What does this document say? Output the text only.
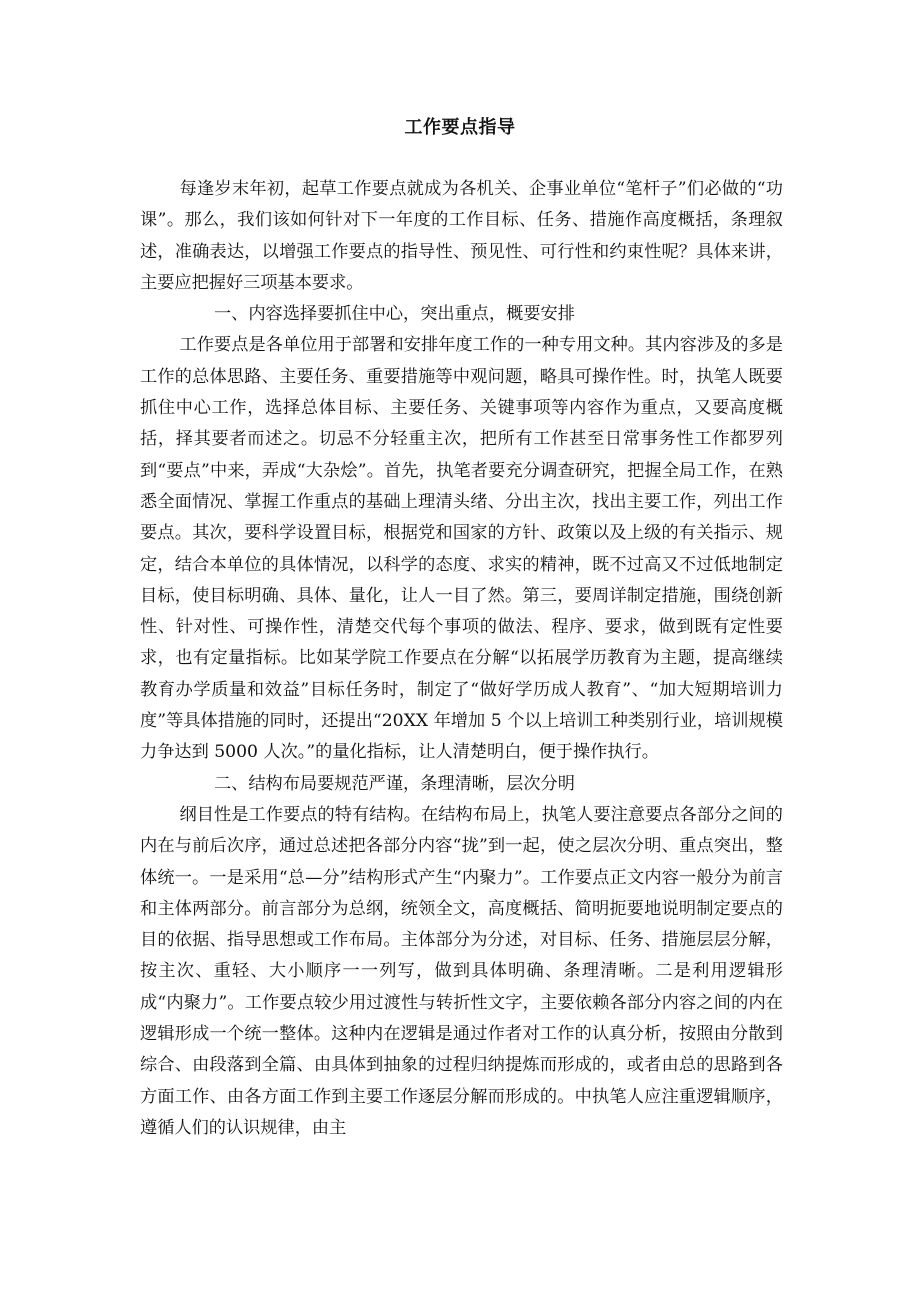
工作要点指导

每逢岁末年初，起草工作要点就成为各机关、企事业单位“笔杆子”们必做的“功课”。那么，我们该如何针对下一年度的工作目标、任务、措施作高度概括，条理叙述，准确表达，以增强工作要点的指导性、预见性、可行性和约束性呢？具体来讲，主要应把握好三项基本要求。

一、内容选择要抓住中心，突出重点，概要安排

工作要点是各单位用于部署和安排年度工作的一种专用文种。其内容涉及的多是工作的总体思路、主要任务、重要措施等中观问题，略具可操作性。时，执笔人既要抓住中心工作，选择总体目标、主要任务、关键事项等内容作为重点，又要高度概括，择其要者而述之。切忌不分轻重主次，把所有工作甚至日常事务性工作都罗列到“要点”中来，弄成“大杂烩”。首先，执笔者要充分调查研究，把握全局工作，在熟悉全面情况、掌握工作重点的基础上理清头绪、分出主次，找出主要工作，列出工作要点。其次，要科学设置目标，根据党和国家的方针、政策以及上级的有关指示、规定，结合本单位的具体情况，以科学的态度、求实的精神，既不过高又不过低地制定目标，使目标明确、具体、量化，让人一目了然。第三，要周详制定措施，围绕创新性、针对性、可操作性，清楚交代每个事项的做法、程序、要求，做到既有定性要求，也有定量指标。比如某学院工作要点在分解“以拓展学历教育为主题，提高继续教育办学质量和效益”目标任务时，制定了“做好学历成人教育”、“加大短期培训力度”等具体措施的同时，还提出“20XX 年增加 5 个以上培训工种类别行业，培训规模力争达到 5000 人次。”的量化指标，让人清楚明白，便于操作执行。

二、结构布局要规范严谨，条理清晰，层次分明

纲目性是工作要点的特有结构。在结构布局上，执笔人要注意要点各部分之间的内在与前后次序，通过总述把各部分内容“拢”到一起，使之层次分明、重点突出，整体统一。一是采用“总—分”结构形式产生“内聚力”。工作要点正文内容一般分为前言和主体两部分。前言部分为总纲，统领全文，高度概括、简明扼要地说明制定要点的目的依据、指导思想或工作布局。主体部分为分述，对目标、任务、措施层层分解，按主次、重轻、大小顺序一一列写，做到具体明确、条理清晰。二是利用逻辑形成“内聚力”。工作要点较少用过渡性与转折性文字，主要依赖各部分内容之间的内在逻辑形成一个统一整体。这种内在逻辑是通过作者对工作的认真分析，按照由分散到综合、由段落到全篇、由具体到抽象的过程归纳提炼而形成的，或者由总的思路到各方面工作、由各方面工作到主要工作逐层分解而形成的。中执笔人应注重逻辑顺序，遵循人们的认识规律，由主
